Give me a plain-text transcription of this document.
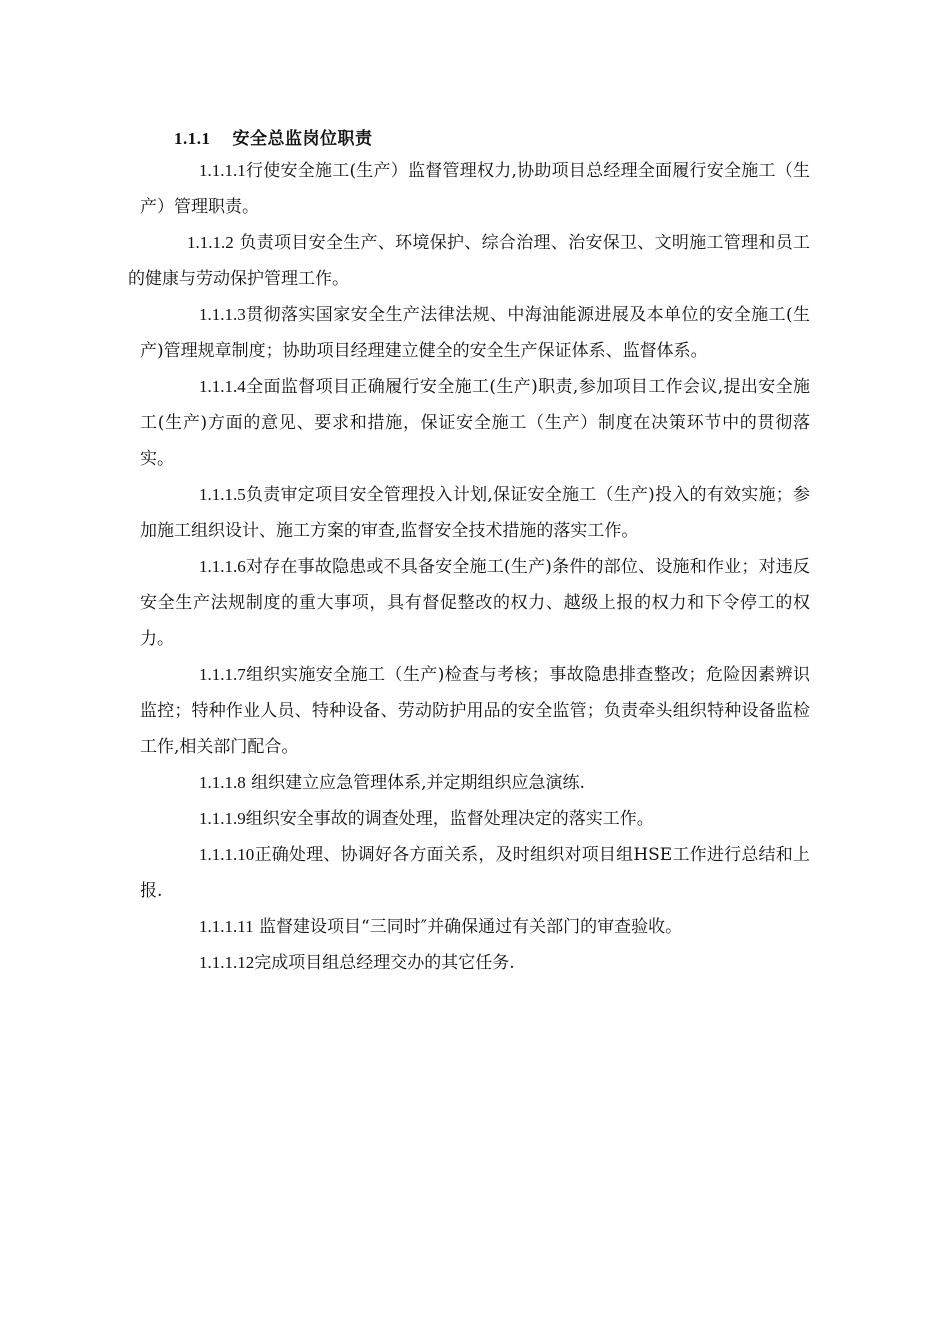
1.1.1 安全总监岗位职责

1.1.1.1行使安全施工(生产）监督管理权力,协助项目总经理全面履行安全施工（生产）管理职责。

1.1.1.2 负责项目安全生产、环境保护、综合治理、治安保卫、文明施工管理和员工的健康与劳动保护管理工作。

1.1.1.3贯彻落实国家安全生产法律法规、中海油能源进展及本单位的安全施工(生产)管理规章制度；协助项目经理建立健全的安全生产保证体系、监督体系。

1.1.1.4全面监督项目正确履行安全施工(生产)职责,参加项目工作会议,提出安全施工(生产)方面的意见、要求和措施，保证安全施工（生产）制度在决策环节中的贯彻落实。

1.1.1.5负责审定项目安全管理投入计划,保证安全施工（生产)投入的有效实施；参加施工组织设计、施工方案的审查,监督安全技术措施的落实工作。

1.1.1.6对存在事故隐患或不具备安全施工(生产)条件的部位、设施和作业；对违反安全生产法规制度的重大事项，具有督促整改的权力、越级上报的权力和下令停工的权力。

1.1.1.7组织实施安全施工（生产)检查与考核；事故隐患排查整改；危险因素辨识监控；特种作业人员、特种设备、劳动防护用品的安全监管；负责牵头组织特种设备监检工作,相关部门配合。

1.1.1.8 组织建立应急管理体系,并定期组织应急演练.

1.1.1.9组织安全事故的调查处理，监督处理决定的落实工作。

1.1.1.10正确处理、协调好各方面关系，及时组织对项目组HSE工作进行总结和上报.

1.1.1.11 监督建设项目“三同时″并确保通过有关部门的审查验收。

1.1.1.12完成项目组总经理交办的其它任务.
